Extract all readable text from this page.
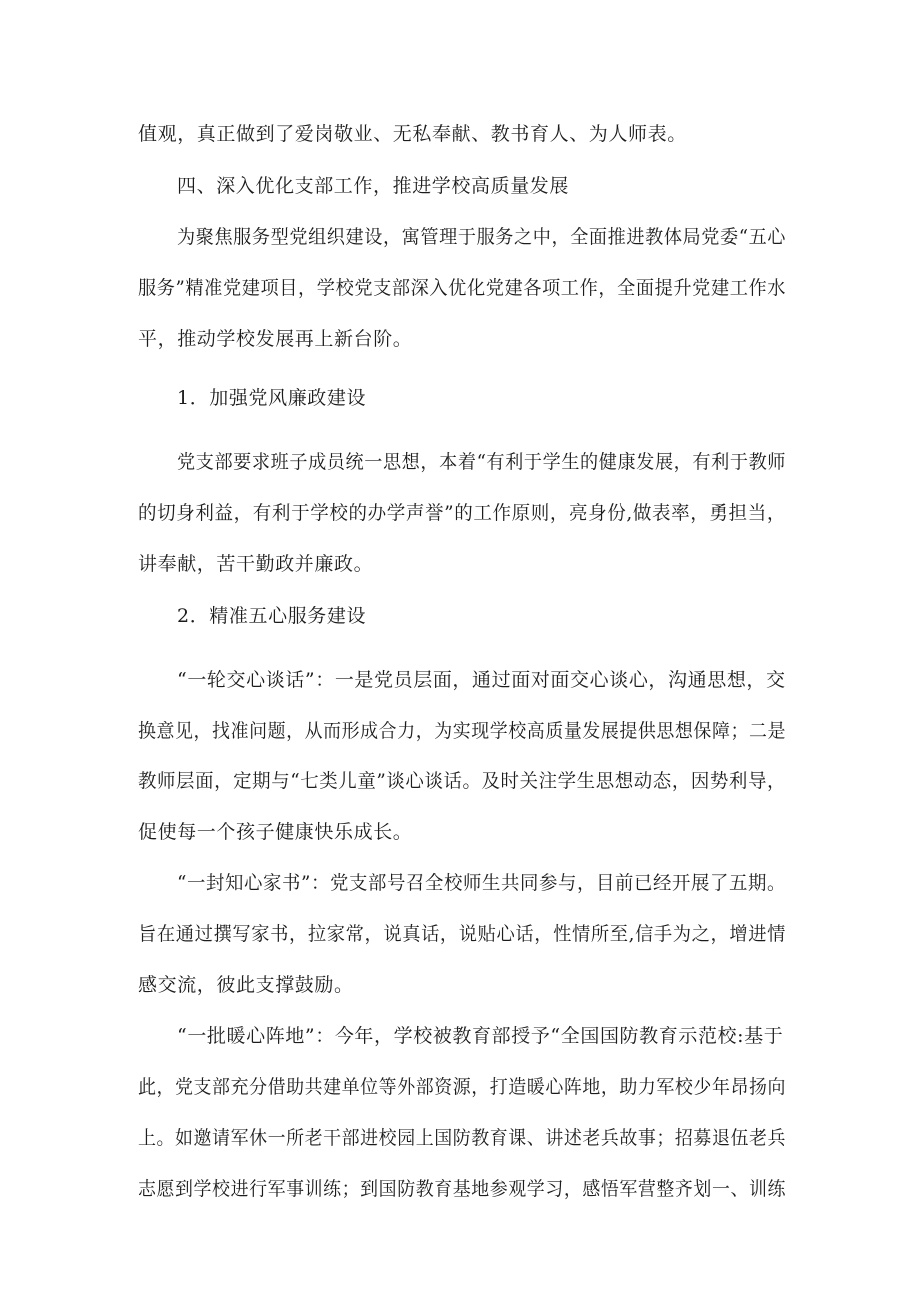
值观，真正做到了爱岗敬业、无私奉献、教书育人、为人师表。
四、深入优化支部工作，推进学校高质量发展
为聚焦服务型党组织建设，寓管理于服务之中，全面推进教体局党委“五心
服务”精准党建项目，学校党支部深入优化党建各项工作，全面提升党建工作水
平，推动学校发展再上新台阶。
1．加强党风廉政建设
党支部要求班子成员统一思想，本着“有利于学生的健康发展，有利于教师
的切身利益，有利于学校的办学声誉”的工作原则，亮身份,做表率，勇担当，
讲奉献，苦干勤政并廉政。
2．精准五心服务建设
“一轮交心谈话”：一是党员层面，通过面对面交心谈心，沟通思想，交
换意见，找准问题，从而形成合力，为实现学校高质量发展提供思想保障；二是
教师层面，定期与“七类儿童”谈心谈话。及时关注学生思想动态，因势利导，
促使每一个孩子健康快乐成长。
“一封知心家书”：党支部号召全校师生共同参与，目前已经开展了五期。
旨在通过撰写家书，拉家常，说真话，说贴心话，性情所至,信手为之，增进情
感交流，彼此支撑鼓励。
“一批暖心阵地”：今年，学校被教育部授予“全国国防教育示范校:基于
此，党支部充分借助共建单位等外部资源，打造暖心阵地，助力军校少年昂扬向
上。如邀请军休一所老干部进校园上国防教育课、讲述老兵故事；招募退伍老兵
志愿到学校进行军事训练；到国防教育基地参观学习，感悟军营整齐划一、训练
